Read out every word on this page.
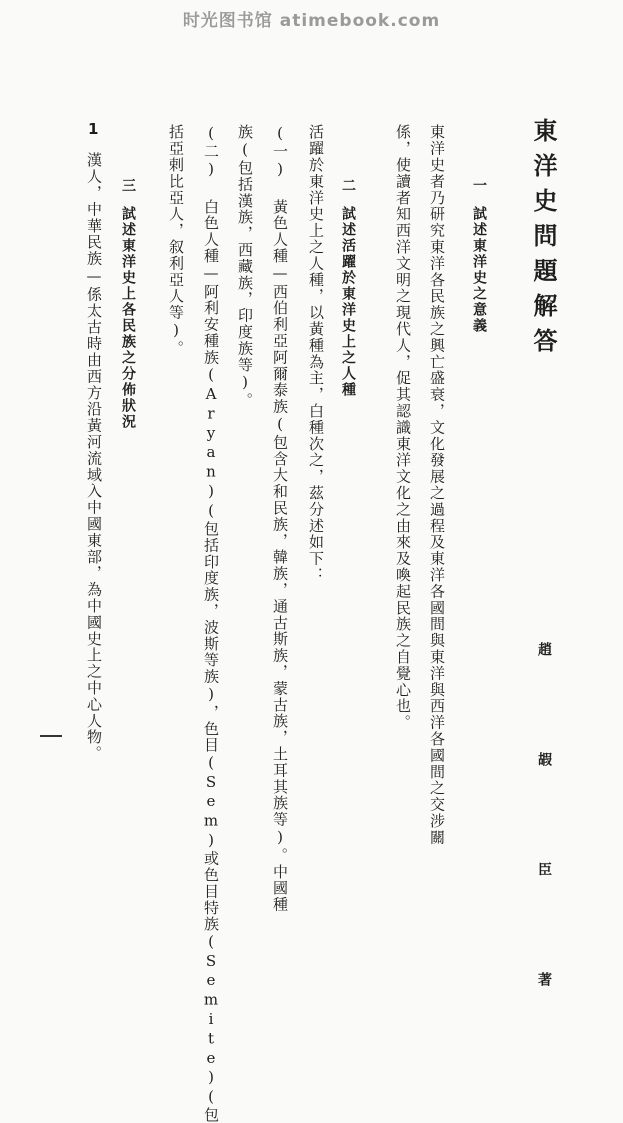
时光图书馆 atimebook.com
東洋史問題解答
趙 嘏 臣 著
一試述東洋史之意義
東洋史者乃研究東洋各民族之興亡盛衰，文化發展之過程及東洋各國間與東洋與西洋各國間之交涉關
係，使讀者知西洋文明之現代人，促其認識東洋文化之由來及喚起民族之自覺心也。
二試述活躍於東洋史上之人種
活躍於東洋史上之人種，以黃種為主，白種次之，茲分述如下：
(一) 黃色人種—西伯利亞阿爾泰族(包含大和民族，韓族，通古斯族，蒙古族，土耳其族等)。中國種
族(包括漢族，西藏族，印度族等)。
(二) 白色人種—阿利安種族(Aryan)(包括印度族，波斯等族)，色目(Sem)或色目特族(Semite)(包
括亞剌比亞人，叙利亞人等)。
三試述東洋史上各民族之分佈狀況
1
漢人，中華民族—係太古時由西方沿黃河流域入中國東部，為中國史上之中心人物。
